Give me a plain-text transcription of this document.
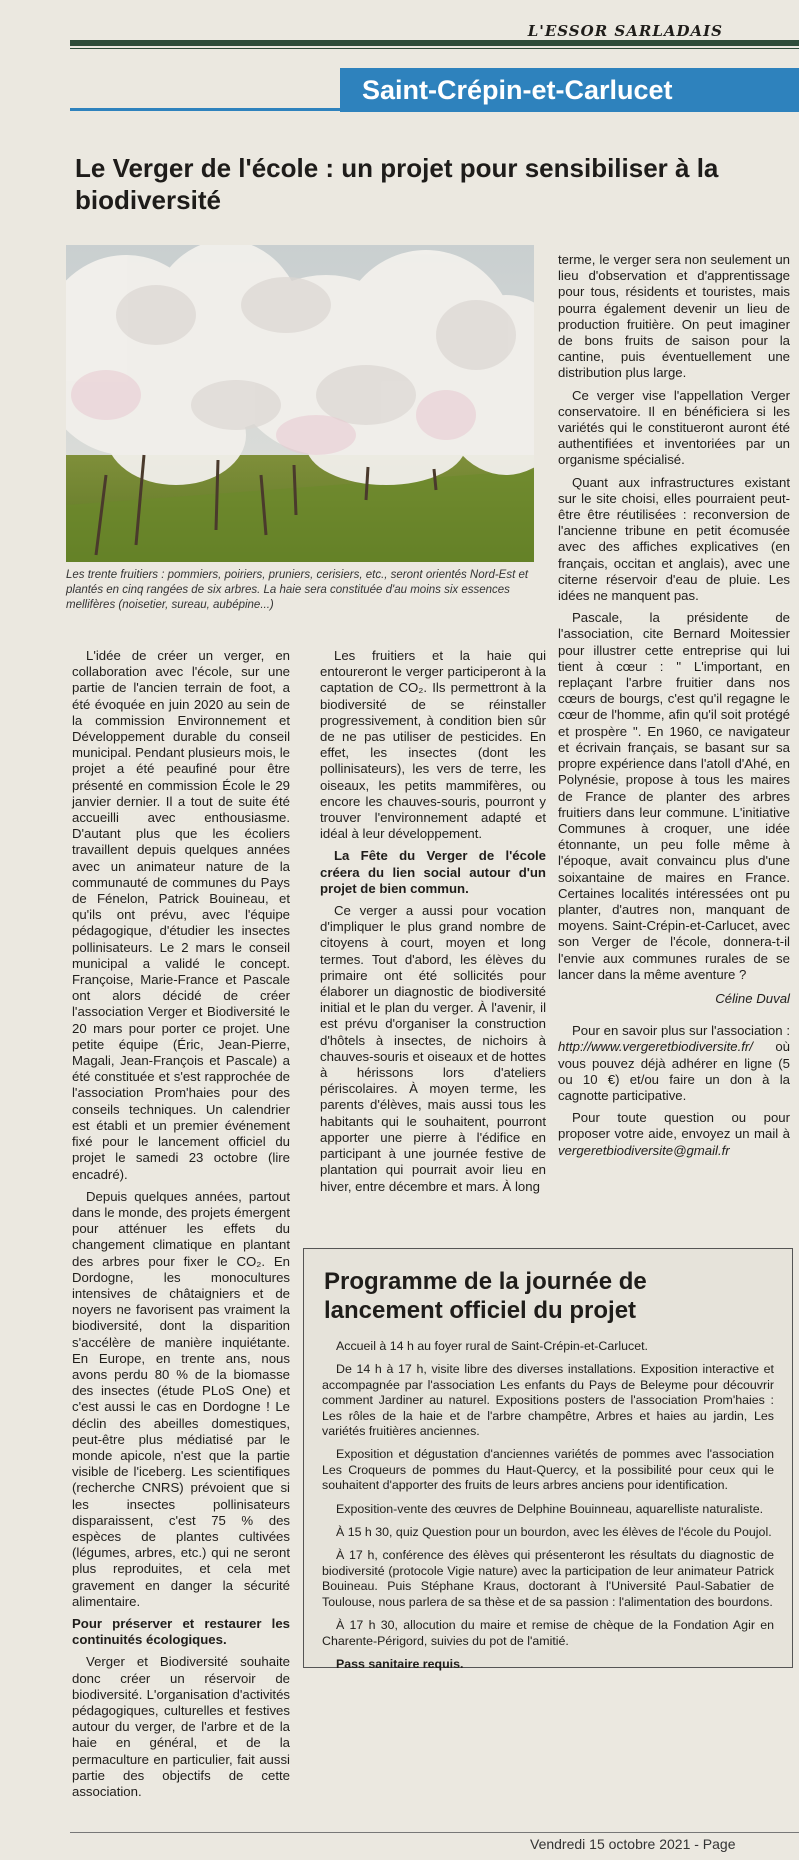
L'ESSOR SARLADAIS
Saint-Crépin-et-Carlucet
Le Verger de l'école : un projet pour sensibiliser à la biodiversité
Les trente fruitiers : pommiers, poiriers, pruniers, cerisiers, etc., seront orientés Nord-Est et plantés en cinq rangées de six arbres. La haie sera constituée d'au moins six essences mellifères (noisetier, sureau, aubépine...)

L'idée de créer un verger, en collaboration avec l'école, sur une partie de l'ancien terrain de foot, a été évoquée en juin 2020 au sein de la commission Environnement et Développement durable du conseil municipal. Pendant plusieurs mois, le projet a été peaufiné pour être présenté en commission École le 29 janvier dernier. Il a tout de suite été accueilli avec enthousiasme. D'autant plus que les écoliers travaillent depuis quelques années avec un animateur nature de la communauté de communes du Pays de Fénelon, Patrick Bouineau, et qu'ils ont prévu, avec l'équipe pédagogique, d'étudier les insectes pollinisateurs. Le 2 mars le conseil municipal a validé le concept. Françoise, Marie-France et Pascale ont alors décidé de créer l'association Verger et Biodiversité le 20 mars pour porter ce projet. Une petite équipe (Éric, Jean-Pierre, Magali, Jean-François et Pascale) a été constituée et s'est rapprochée de l'association Prom'haies pour des conseils techniques. Un calendrier est établi et un premier événement fixé pour le lancement officiel du projet le samedi 23 octobre (lire encadré).

Depuis quelques années, partout dans le monde, des projets émergent pour atténuer les effets du changement climatique en plantant des arbres pour fixer le CO₂. En Dordogne, les monocultures intensives de châtaigniers et de noyers ne favorisent pas vraiment la biodiversité, dont la disparition s'accélère de manière inquiétante. En Europe, en trente ans, nous avons perdu 80 % de la biomasse des insectes (étude PLoS One) et c'est aussi le cas en Dordogne ! Le déclin des abeilles domestiques, peut-être plus médiatisé par le monde apicole, n'est que la partie visible de l'iceberg. Les scientifiques (recherche CNRS) prévoient que si les insectes pollinisateurs disparaissent, c'est 75 % des espèces de plantes cultivées (légumes, arbres, etc.) qui ne seront plus reproduites, et cela met gravement en danger la sécurité alimentaire.

Pour préserver et restaurer les continuités écologiques.

Verger et Biodiversité souhaite donc créer un réservoir de biodiversité. L'organisation d'activités pédagogiques, culturelles et festives autour du verger, de l'arbre et de la haie en général, et de la permaculture en particulier, fait aussi partie des objectifs de cette association.

Les fruitiers et la haie qui entoureront le verger participeront à la captation de CO₂. Ils permettront à la biodiversité de se réinstaller progressivement, à condition bien sûr de ne pas utiliser de pesticides. En effet, les insectes (dont les pollinisateurs), les vers de terre, les oiseaux, les petits mammifères, ou encore les chauves-souris, pourront y trouver l'environnement adapté et idéal à leur développement.

La Fête du Verger de l'école créera du lien social autour d'un projet de bien commun.

Ce verger a aussi pour vocation d'impliquer le plus grand nombre de citoyens à court, moyen et long termes. Tout d'abord, les élèves du primaire ont été sollicités pour élaborer un diagnostic de biodiversité initial et le plan du verger. À l'avenir, il est prévu d'organiser la construction d'hôtels à insectes, de nichoirs à chauves-souris et oiseaux et de hottes à hérissons lors d'ateliers périscolaires. À moyen terme, les parents d'élèves, mais aussi tous les habitants qui le souhaitent, pourront apporter une pierre à l'édifice en participant à une journée festive de plantation qui pourrait avoir lieu en hiver, entre décembre et mars. À long

terme, le verger sera non seulement un lieu d'observation et d'apprentissage pour tous, résidents et touristes, mais pourra également devenir un lieu de production fruitière. On peut imaginer de bons fruits de saison pour la cantine, puis éventuellement une distribution plus large.

Ce verger vise l'appellation Verger conservatoire. Il en bénéficiera si les variétés qui le constitueront auront été authentifiées et inventoriées par un organisme spécialisé.

Quant aux infrastructures existant sur le site choisi, elles pourraient peut-être être réutilisées : reconversion de l'ancienne tribune en petit écomusée avec des affiches explicatives (en français, occitan et anglais), avec une citerne réservoir d'eau de pluie. Les idées ne manquent pas.

Pascale, la présidente de l'association, cite Bernard Moitessier pour illustrer cette entreprise qui lui tient à cœur : " L'important, en replaçant l'arbre fruitier dans nos cœurs de bourgs, c'est qu'il regagne le cœur de l'homme, afin qu'il soit protégé et prospère ". En 1960, ce navigateur et écrivain français, se basant sur sa propre expérience dans l'atoll d'Ahé, en Polynésie, propose à tous les maires de France de planter des arbres fruitiers dans leur commune. L'initiative Communes à croquer, une idée étonnante, un peu folle même à l'époque, avait convaincu plus d'une soixantaine de maires en France. Certaines localités intéressées ont pu planter, d'autres non, manquant de moyens. Saint-Crépin-et-Carlucet, avec son Verger de l'école, donnera-t-il l'envie aux communes rurales de se lancer dans la même aventure ?

Céline Duval

Pour en savoir plus sur l'association : http://www.vergeretbiodiversite.fr/ où vous pouvez déjà adhérer en ligne (5 ou 10 €) et/ou faire un don à la cagnotte participative.

Pour toute question ou pour proposer votre aide, envoyez un mail à vergeretbiodiversite@gmail.fr

Programme de la journée de lancement officiel du projet

Accueil à 14 h au foyer rural de Saint-Crépin-et-Carlucet.

De 14 h à 17 h, visite libre des diverses installations. Exposition interactive et accompagnée par l'association Les enfants du Pays de Beleyme pour découvrir comment Jardiner au naturel. Expositions posters de l'association Prom'haies : Les rôles de la haie et de l'arbre champêtre, Arbres et haies au jardin, Les variétés fruitières anciennes.

Exposition et dégustation d'anciennes variétés de pommes avec l'association Les Croqueurs de pommes du Haut-Quercy, et la possibilité pour ceux qui le souhaitent d'apporter des fruits de leurs arbres anciens pour identification.

Exposition-vente des œuvres de Delphine Bouinneau, aquarelliste naturaliste.

À 15 h 30, quiz Question pour un bourdon, avec les élèves de l'école du Poujol.

À 17 h, conférence des élèves qui présenteront les résultats du diagnostic de biodiversité (protocole Vigie nature) avec la participation de leur animateur Patrick Bouineau. Puis Stéphane Kraus, doctorant à l'Université Paul-Sabatier de Toulouse, nous parlera de sa thèse et de sa passion : l'alimentation des bourdons.

À 17 h 30, allocution du maire et remise de chèque de la Fondation Agir en Charente-Périgord, suivies du pot de l'amitié.

Pass sanitaire requis.

Vendredi 15 octobre 2021 - Page
